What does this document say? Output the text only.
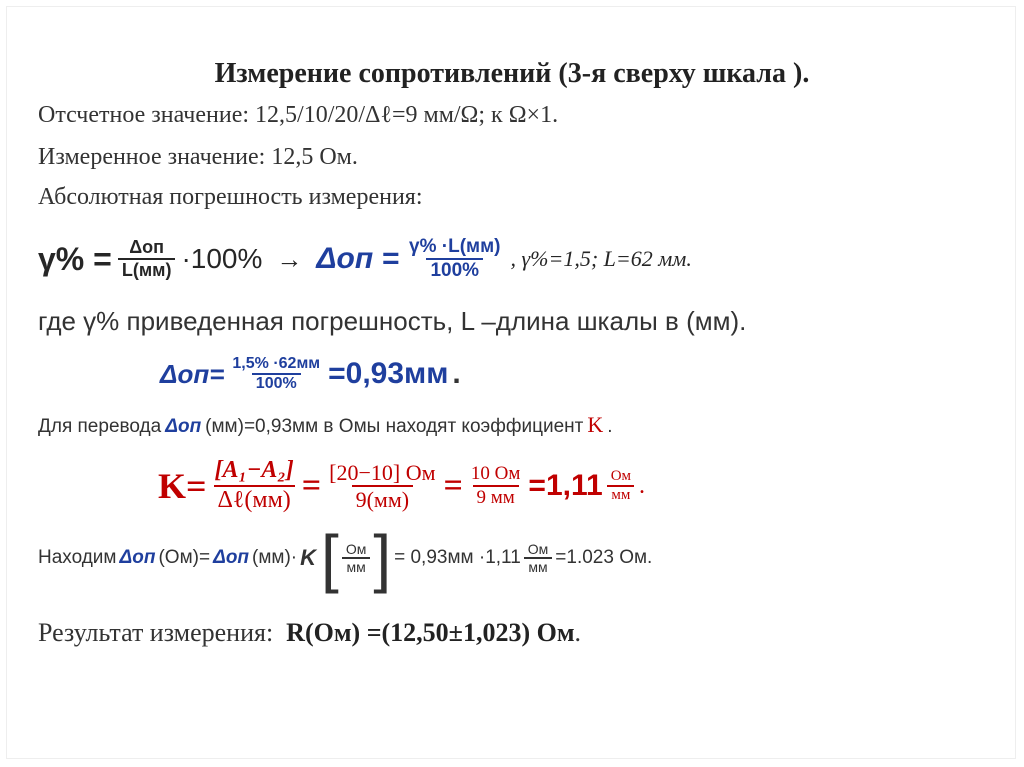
Измерение сопротивлений (3-я сверху шкала ).
Отсчетное значение: 12,5/10/20/Δℓ=9 мм/Ω; к Ω×1.
Измеренное значение: 12,5 Ом.
Абсолютная погрешность измерения:
$\gamma\% = \frac{\text{Δоп}}{L(мм)} \cdot 100\% \to \Delta оп = \frac{\gamma\% \cdot L(мм)}{100\%}$ , γ%=1,5; L=62 мм.
где γ% приведенная погрешность, L –длина шкалы в (мм).
$\Delta оп= \frac{1,5\% \cdot 62мм}{100\%} =0,93мм$ .
Для перевода Δоп (мм)=0,93мм в Омы находят коэффициент K .
$K= \frac{\text{[A₁−A₂]}}{\text{Δℓ(мм)}} = \frac{[20-10] Ом}{9(мм)} = \frac{10 Ом}{9 мм} =1,11 \frac{Ом}{мм}$ .
Находим Δоп (Ом)= Δоп (мм)· K [ $\frac{Ом}{мм}$ ] = $0,93мм \cdot 1,11 \frac{Ом}{мм} =1.023$ Ом.
Результат измерения:  R(Ом) =(12,50±1,023) Ом.
